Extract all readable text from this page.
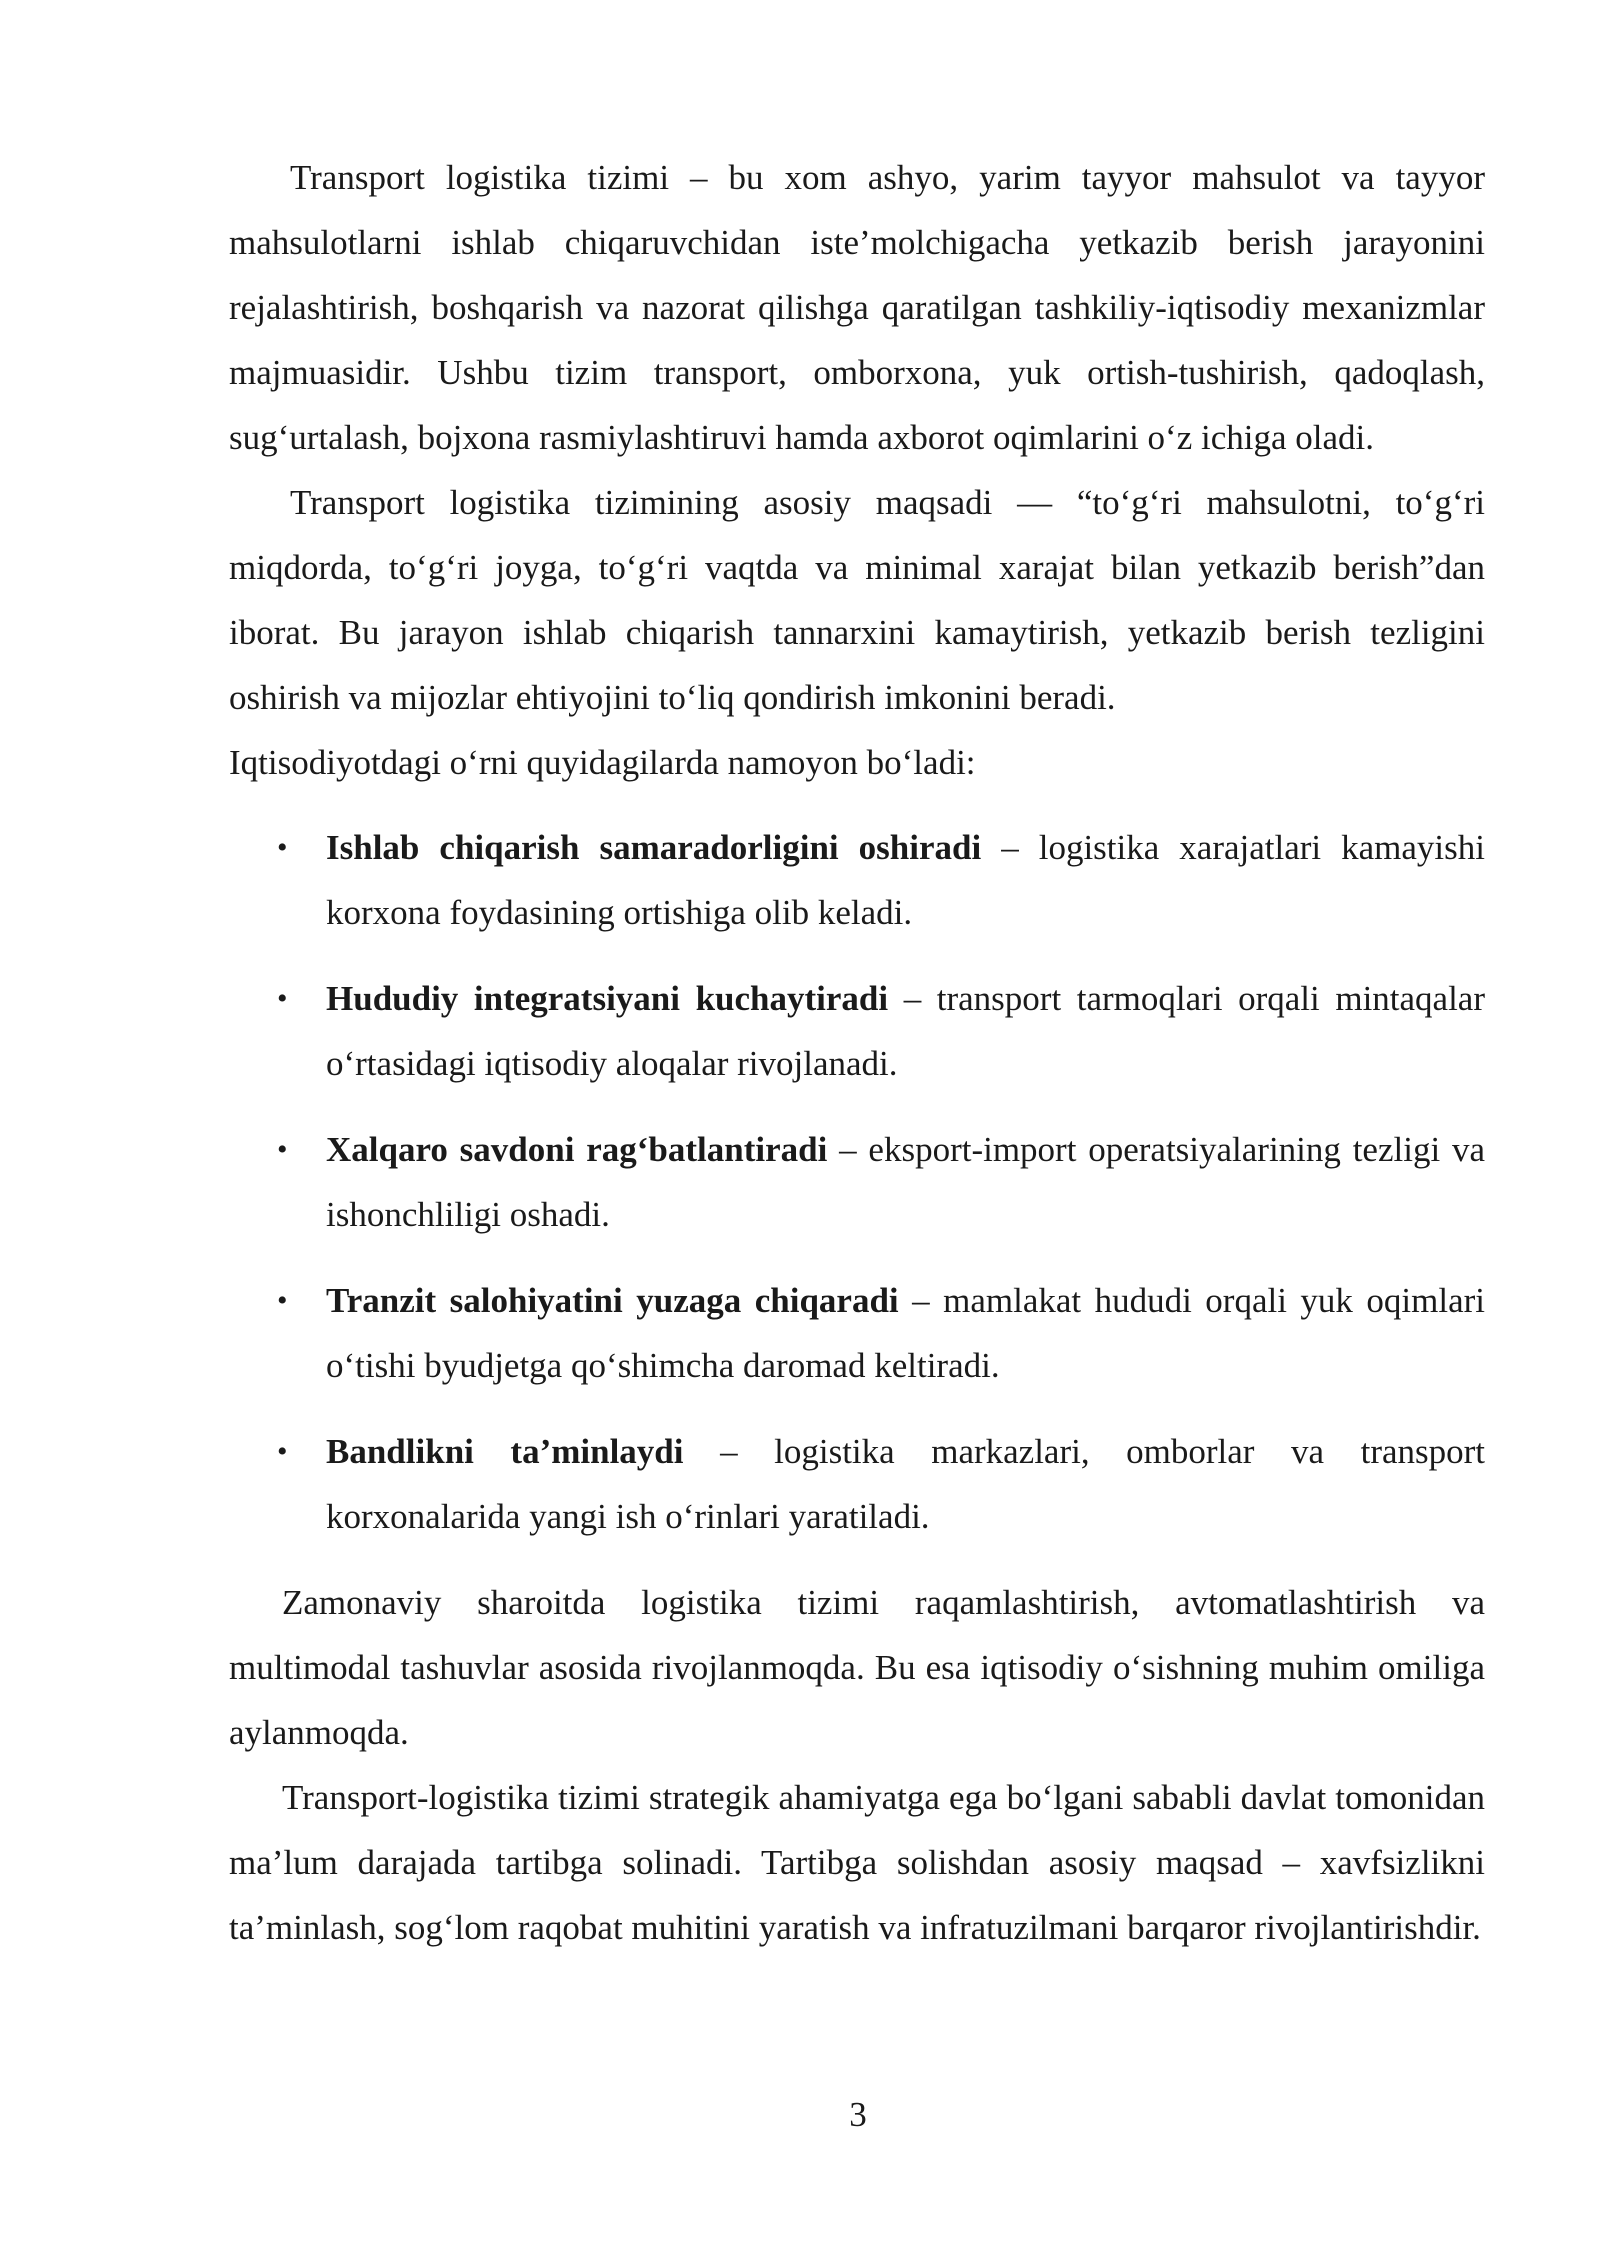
Transport logistika tizimi – bu xom ashyo, yarim tayyor mahsulot va tayyor mahsulotlarni ishlab chiqaruvchidan iste’molchigacha yetkazib berish jarayonini rejalashtirish, boshqarish va nazorat qilishga qaratilgan tashkiliy-iqtisodiy mexanizmlar majmuasidir. Ushbu tizim transport, omborxona, yuk ortish-tushirish, qadoqlash, sug‘urtalash, bojxona rasmiylashtiruvi hamda axborot oqimlarini o‘z ichiga oladi.

Transport logistika tizimining asosiy maqsadi — “to‘g‘ri mahsulotni, to‘g‘ri miqdorda, to‘g‘ri joyga, to‘g‘ri vaqtda va minimal xarajat bilan yetkazib berish”dan iborat. Bu jarayon ishlab chiqarish tannarxini kamaytirish, yetkazib berish tezligini oshirish va mijozlar ehtiyojini to‘liq qondirish imkonini beradi.

Iqtisodiyotdagi o‘rni quyidagilarda namoyon bo‘ladi:

• Ishlab chiqarish samaradorligini oshiradi – logistika xarajatlari kamayishi korxona foydasining ortishiga olib keladi.
• Hududiy integratsiyani kuchaytiradi – transport tarmoqlari orqali mintaqalar o‘rtasidagi iqtisodiy aloqalar rivojlanadi.
• Xalqaro savdoni rag‘batlantiradi – eksport-import operatsiyalarining tezligi va ishonchliligi oshadi.
• Tranzit salohiyatini yuzaga chiqaradi – mamlakat hududi orqali yuk oqimlari o‘tishi byudjetga qo‘shimcha daromad keltiradi.
• Bandlikni ta’minlaydi – logistika markazlari, omborlar va transport korxonalarida yangi ish o‘rinlari yaratiladi.

Zamonaviy sharoitda logistika tizimi raqamlashtirish, avtomatlashtirish va multimodal tashuvlar asosida rivojlanmoqda. Bu esa iqtisodiy o‘sishning muhim omiliga aylanmoqda.

Transport-logistika tizimi strategik ahamiyatga ega bo‘lgani sababli davlat tomonidan ma’lum darajada tartibga solinadi. Tartibga solishdan asosiy maqsad – xavfsizlikni ta’minlash, sog‘lom raqobat muhitini yaratish va infratuzilmani barqaror rivojlantirishdir.

3
